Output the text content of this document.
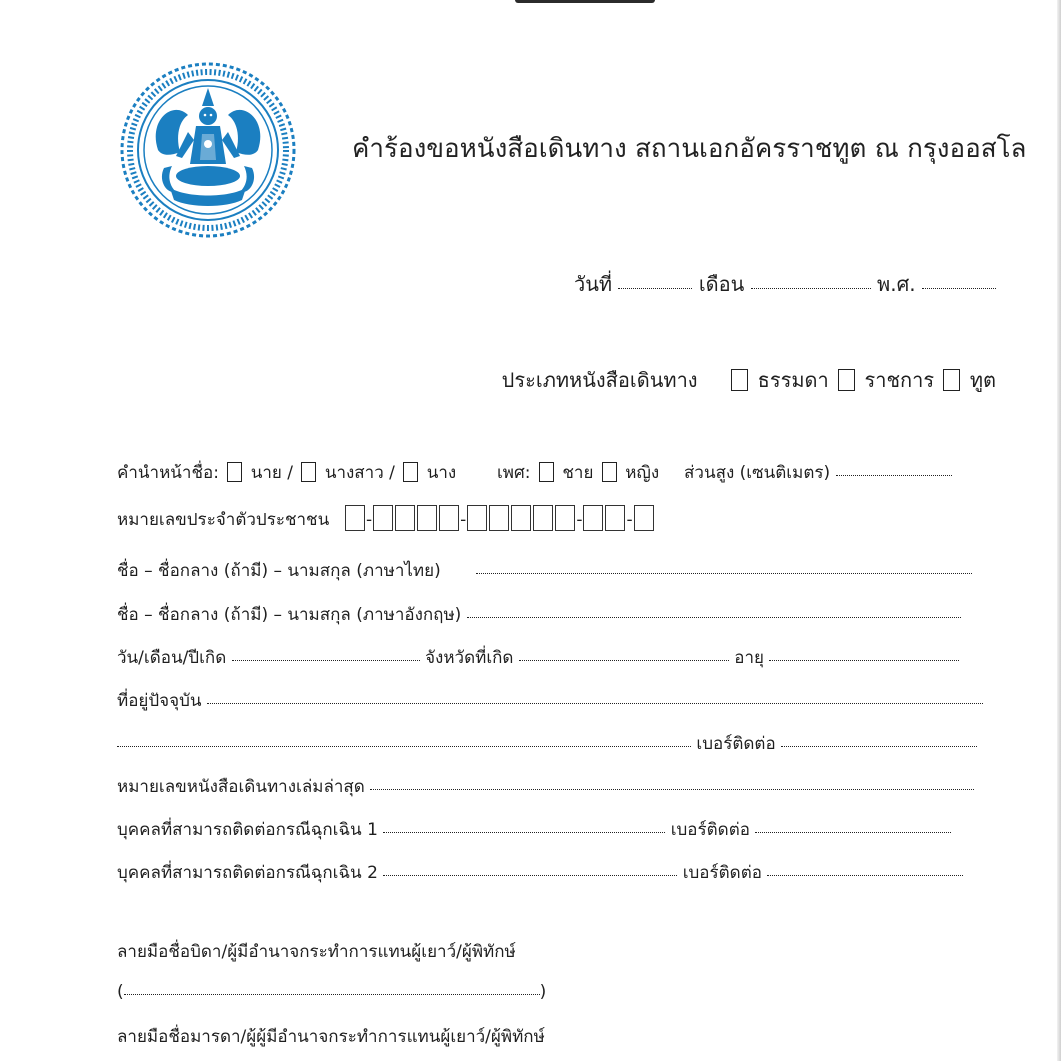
คำร้องขอหนังสือเดินทาง สถานเอกอัครราชทูต ณ กรุงออสโล
วันที่	เดือน	พ.ศ.
ประเภทหนังสือเดินทาง	ธรรมดา ราชการ ทูต
คำนำหน้าชื่อ: นาย / นางสาว / นาง เพศ: ชาย หญิง ส่วนสูง (เซนติเมตร)
หมายเลขประจำตัวประชาชน -	-	-	-
ชื่อ – ชื่อกลาง (ถ้ามี) – นามสกุล (ภาษาไทย)
ชื่อ – ชื่อกลาง (ถ้ามี) – นามสกุล (ภาษาอังกฤษ)
วัน/เดือน/ปีเกิด	จังหวัดที่เกิด	อายุ
ที่อยู่ปัจจุบัน
เบอร์ติดต่อ
หมายเลขหนังสือเดินทางเล่มล่าสุด
บุคคลที่สามารถติดต่อกรณีฉุกเฉิน 1	เบอร์ติดต่อ
บุคคลที่สามารถติดต่อกรณีฉุกเฉิน 2	เบอร์ติดต่อ
ลายมือชื่อบิดา/ผู้มีอำนาจกระทำการแทนผู้เยาว์/ผู้พิทักษ์
(	)
ลายมือชื่อมารดา/ผู้ผู้มีอำนาจกระทำการแทนผู้เยาว์/ผู้พิทักษ์
